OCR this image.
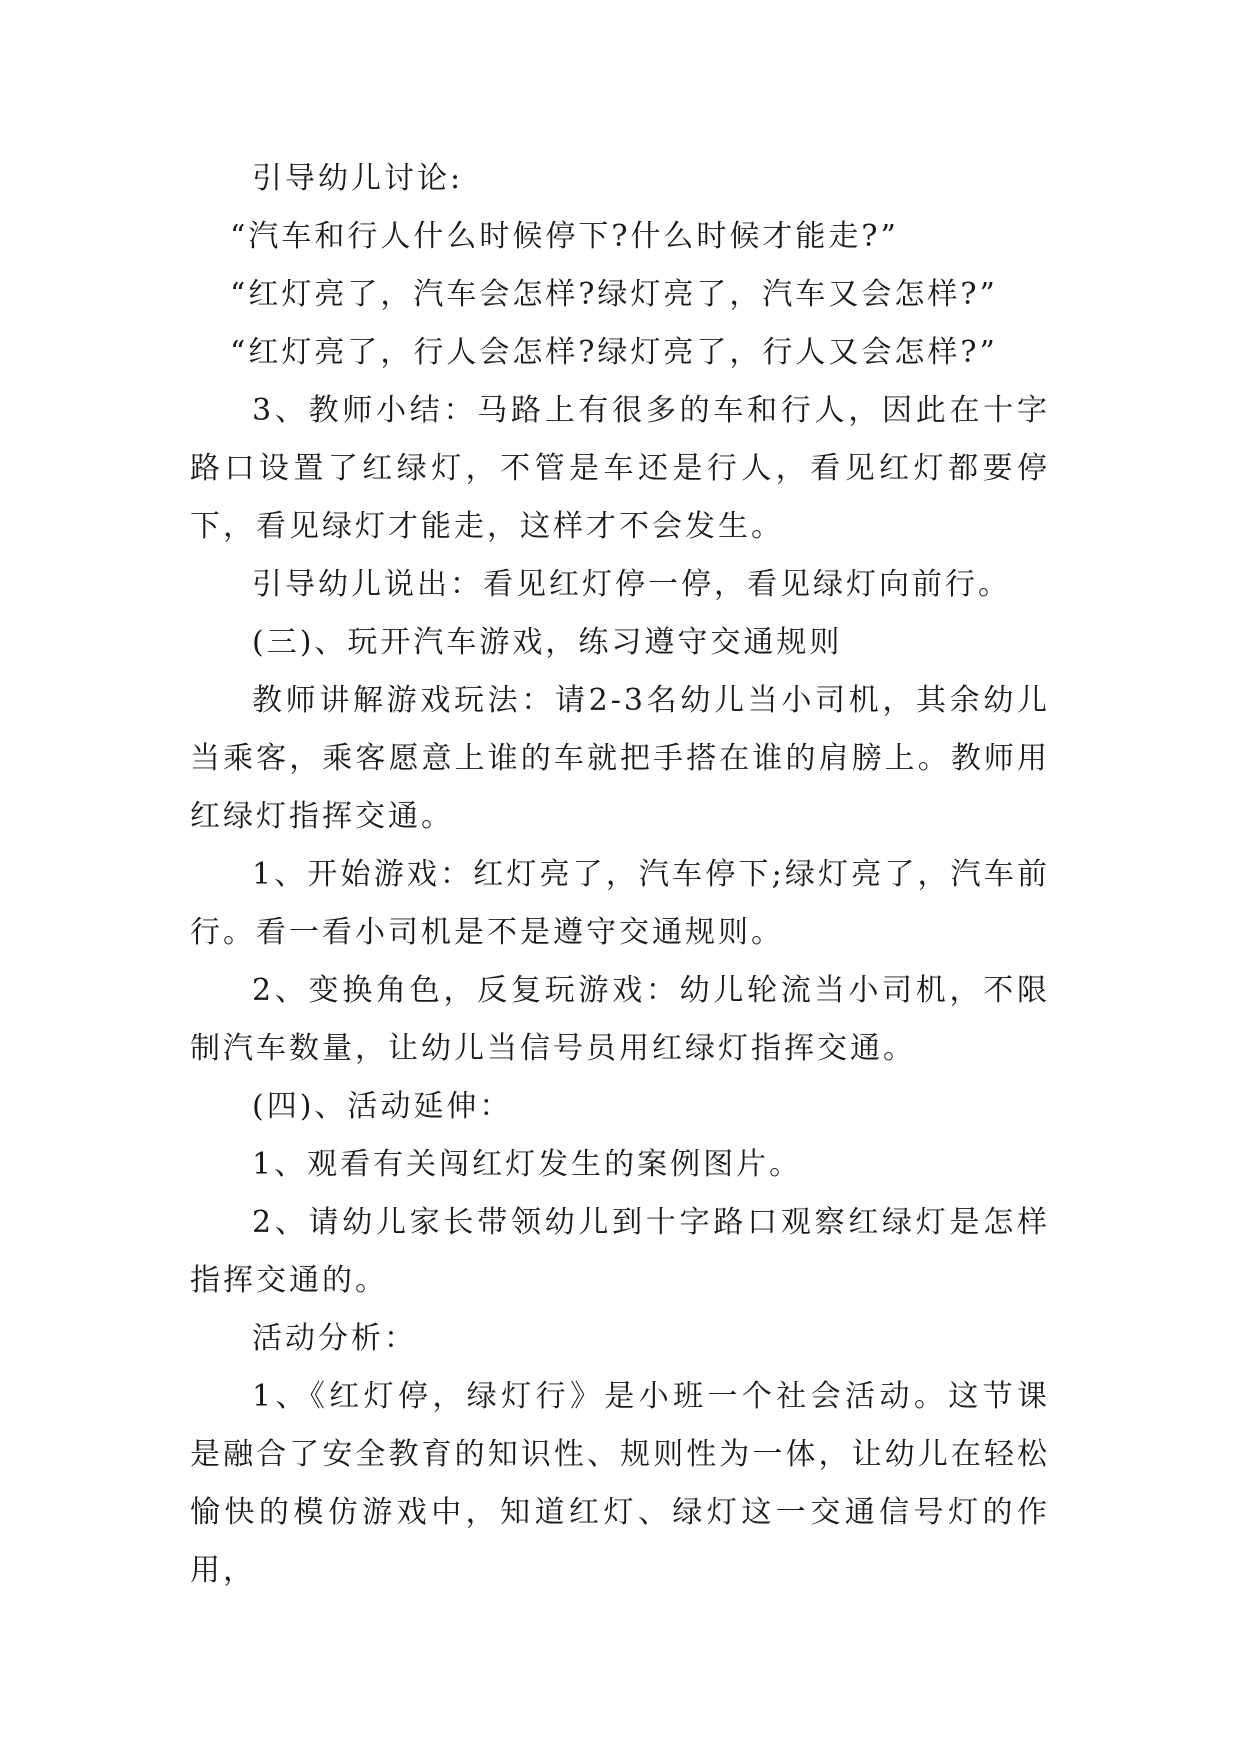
引导幼儿讨论:

“汽车和行人什么时候停下?什么时候才能走?”

“红灯亮了，汽车会怎样?绿灯亮了，汽车又会怎样?”

“红灯亮了，行人会怎样?绿灯亮了，行人又会怎样?”

3、教师小结：马路上有很多的车和行人，因此在十字路口设置了红绿灯，不管是车还是行人，看见红灯都要停下，看见绿灯才能走，这样才不会发生。

引导幼儿说出：看见红灯停一停，看见绿灯向前行。

(三)、玩开汽车游戏，练习遵守交通规则

教师讲解游戏玩法：请2-3名幼儿当小司机，其余幼儿当乘客，乘客愿意上谁的车就把手搭在谁的肩膀上。教师用红绿灯指挥交通。

1、开始游戏：红灯亮了，汽车停下;绿灯亮了，汽车前行。看一看小司机是不是遵守交通规则。

2、变换角色，反复玩游戏：幼儿轮流当小司机，不限制汽车数量，让幼儿当信号员用红绿灯指挥交通。

(四)、活动延伸：

1、观看有关闯红灯发生的案例图片。

2、请幼儿家长带领幼儿到十字路口观察红绿灯是怎样指挥交通的。

活动分析：

1、《红灯停，绿灯行》是小班一个社会活动。这节课是融合了安全教育的知识性、规则性为一体，让幼儿在轻松愉快的模仿游戏中，知道红灯、绿灯这一交通信号灯的作用，
